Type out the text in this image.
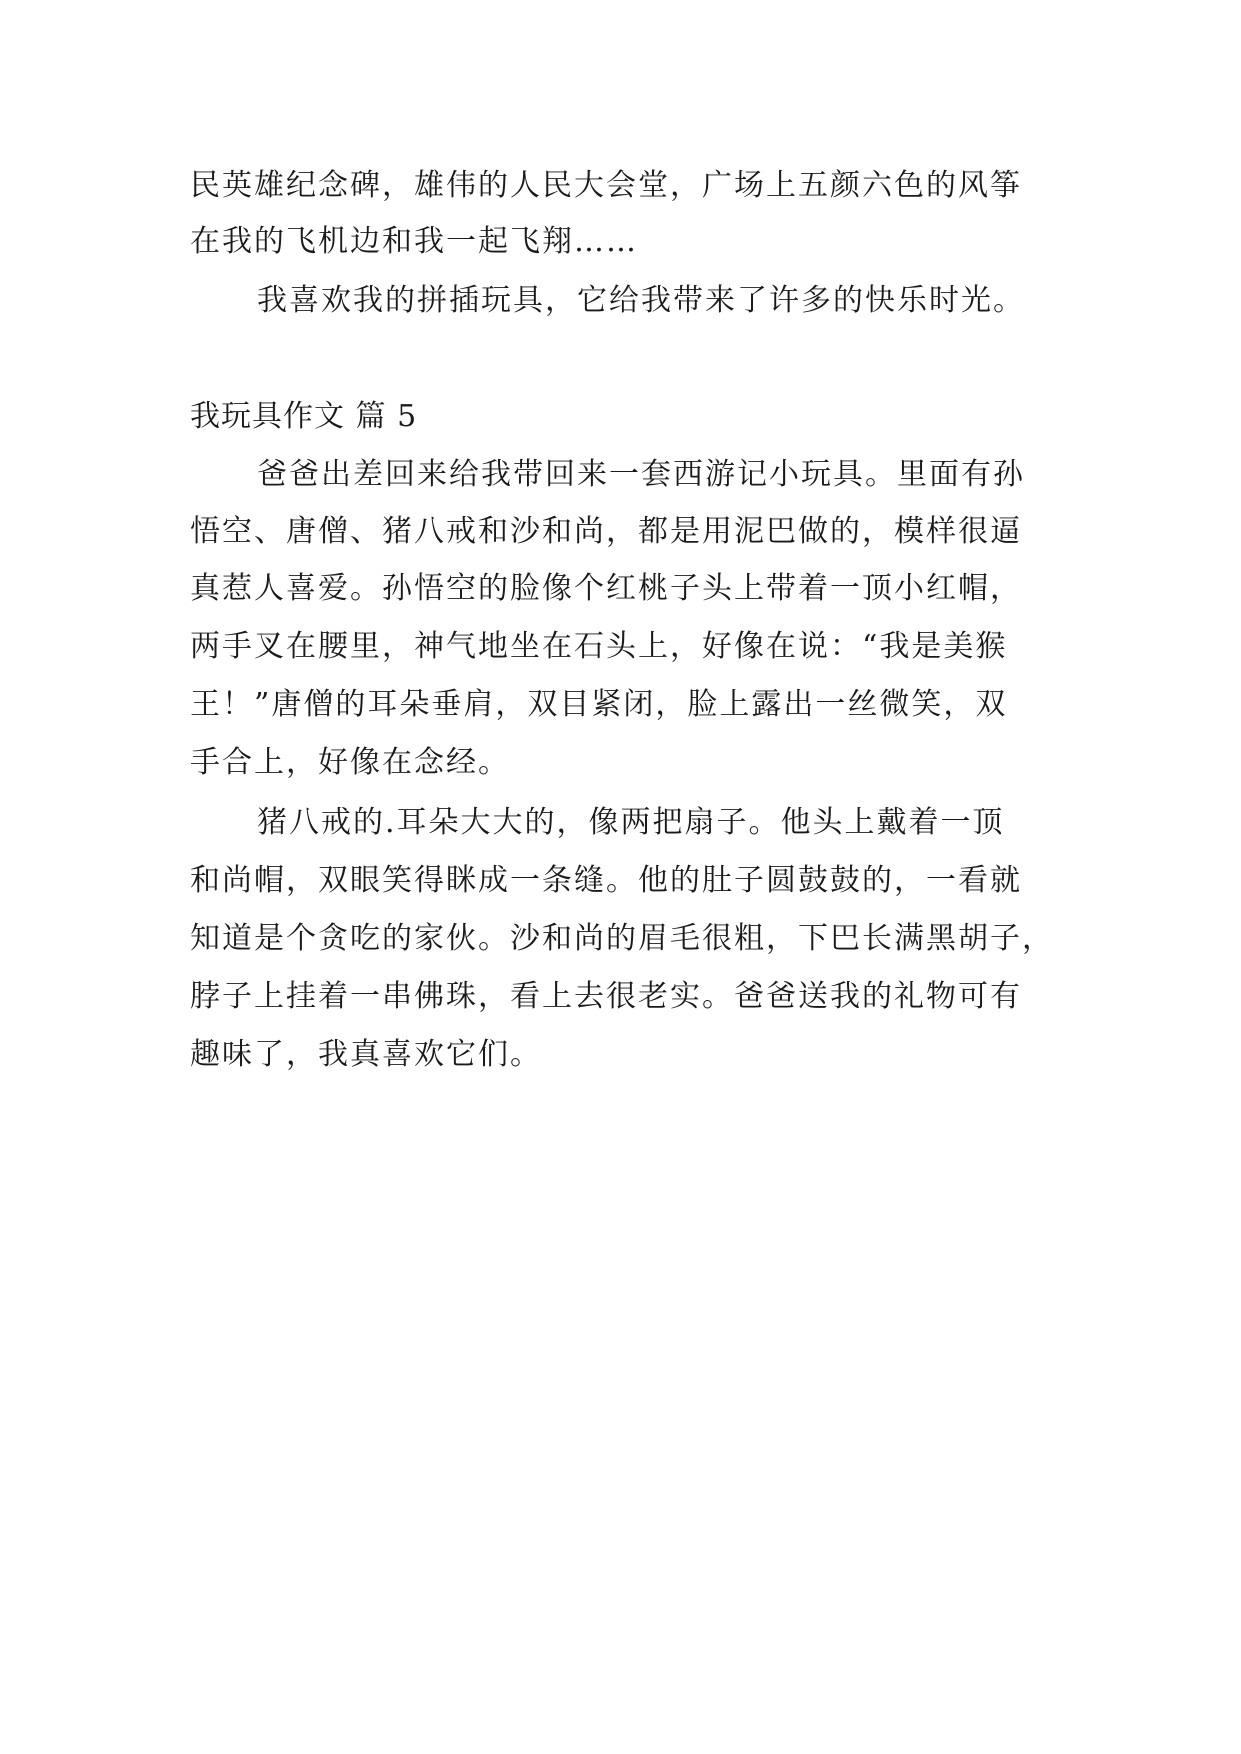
民英雄纪念碑，雄伟的人民大会堂，广场上五颜六色的风筝
在我的飞机边和我一起飞翔……
我喜欢我的拼插玩具，它给我带来了许多的快乐时光。
我玩具作文 篇 5
爸爸出差回来给我带回来一套西游记小玩具。里面有孙
悟空、唐僧、猪八戒和沙和尚，都是用泥巴做的，模样很逼
真惹人喜爱。孙悟空的脸像个红桃子头上带着一顶小红帽，
两手叉在腰里，神气地坐在石头上，好像在说：“我是美猴
王！”唐僧的耳朵垂肩，双目紧闭，脸上露出一丝微笑，双
手合上，好像在念经。
猪八戒的.耳朵大大的，像两把扇子。他头上戴着一顶
和尚帽，双眼笑得眯成一条缝。他的肚子圆鼓鼓的，一看就
知道是个贪吃的家伙。沙和尚的眉毛很粗，下巴长满黑胡子，
脖子上挂着一串佛珠，看上去很老实。爸爸送我的礼物可有
趣味了，我真喜欢它们。
